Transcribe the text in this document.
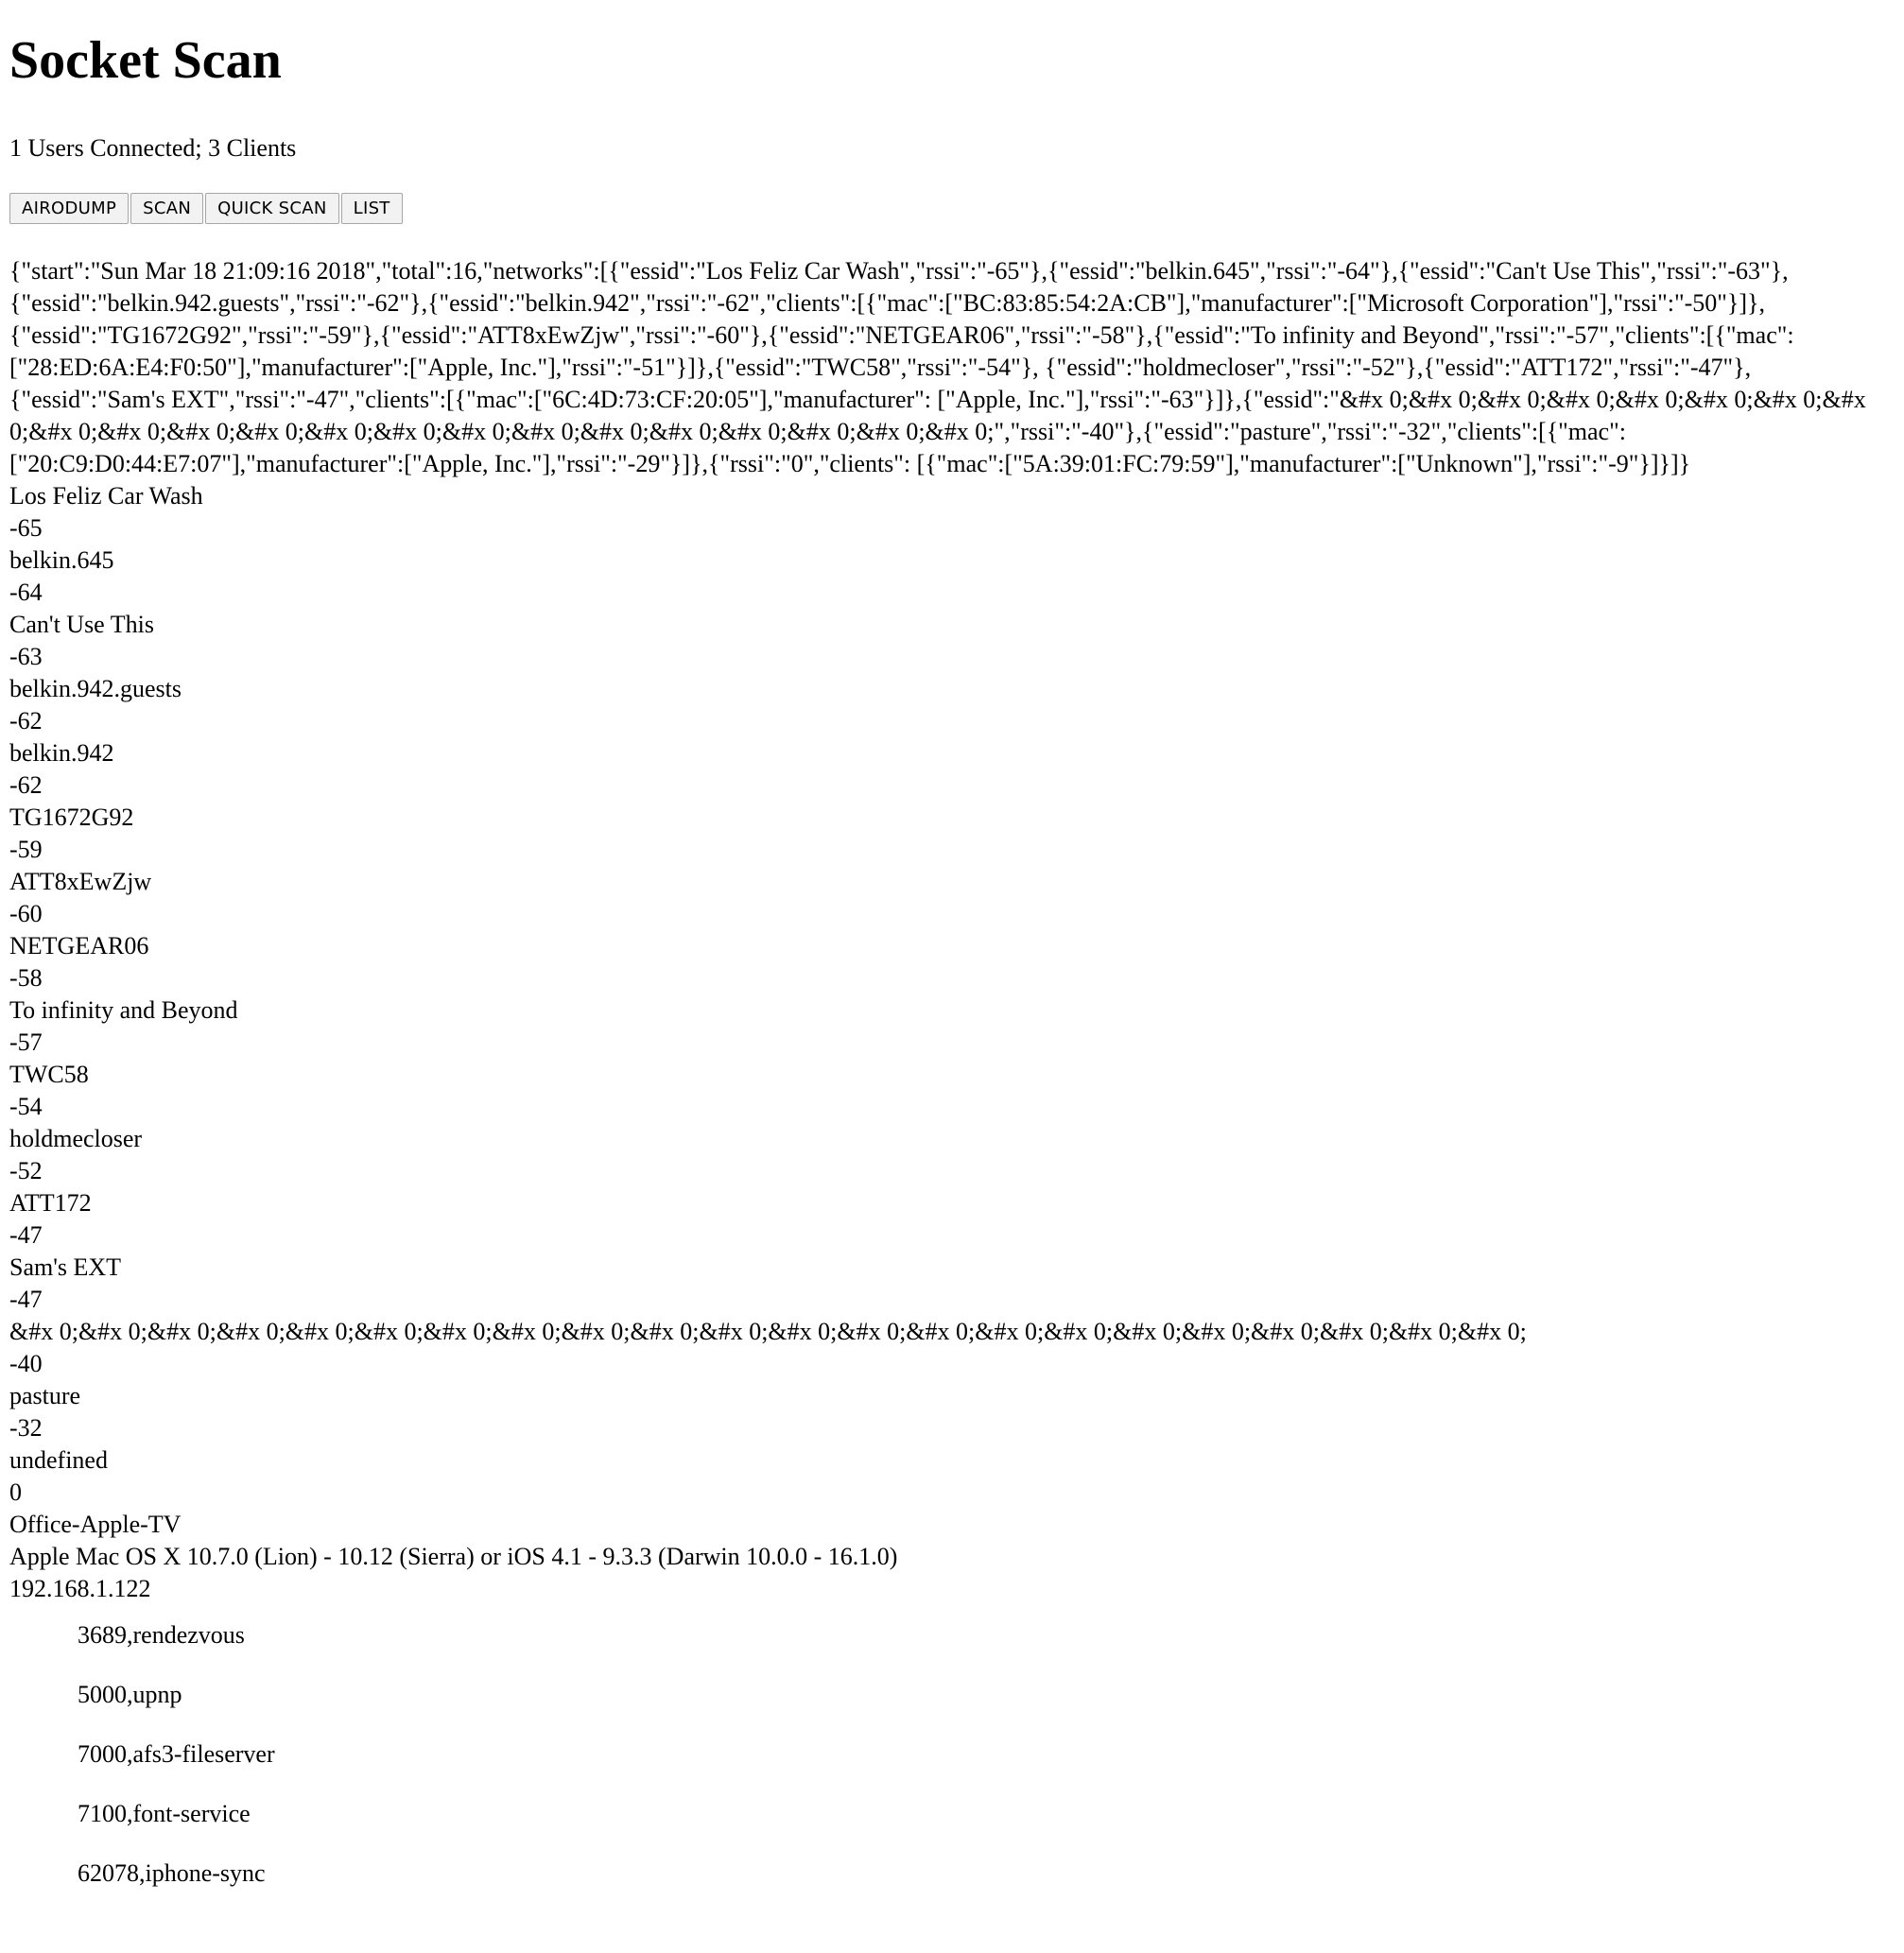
Socket Scan
1 Users Connected; 3 Clients
AIRODUMP	SCAN	QUICK SCAN	LIST
{"start":"Sun Mar 18 21:09:16 2018","total":16,"networks":[{"essid":"Los Feliz Car Wash","rssi":"-65"},{"essid":"belkin.645","rssi":"-64"},{"essid":"Can't Use This","rssi":"-63"},{"essid":"belkin.942.guests","rssi":"-62"},{"essid":"belkin.942","rssi":"-62","clients":[{"mac":["BC:83:85:54:2A:CB"],"manufacturer":["Microsoft Corporation"],"rssi":"-50"}]},{"essid":"TG1672G92","rssi":"-59"},{"essid":"ATT8xEwZjw","rssi":"-60"},{"essid":"NETGEAR06","rssi":"-58"},{"essid":"To infinity and Beyond","rssi":"-57","clients":[{"mac":["28:ED:6A:E4:F0:50"],"manufacturer":["Apple, Inc."],"rssi":"-51"}]},{"essid":"TWC58","rssi":"-54"}, {"essid":"holdmecloser","rssi":"-52"},{"essid":"ATT172","rssi":"-47"},{"essid":"Sam's EXT","rssi":"-47","clients":[{"mac":["6C:4D:73:CF:20:05"],"manufacturer": ["Apple, Inc."],"rssi":"-63"}]},{"essid":"&#x 0;&#x 0;&#x 0;&#x 0;&#x 0;&#x 0;&#x 0;&#x 0;&#x 0;&#x 0;&#x 0;&#x 0;&#x 0;&#x 0;&#x 0;&#x 0;&#x 0;&#x 0;&#x 0;&#x 0;&#x 0;&#x 0;","rssi":"-40"},{"essid":"pasture","rssi":"-32","clients":[{"mac":["20:C9:D0:44:E7:07"],"manufacturer":["Apple, Inc."],"rssi":"-29"}]},{"rssi":"0","clients": [{"mac":["5A:39:01:FC:79:59"],"manufacturer":["Unknown"],"rssi":"-9"}]}]}
Los Feliz Car Wash
-65
belkin.645
-64
Can't Use This
-63
belkin.942.guests
-62
belkin.942
-62
TG1672G92
-59
ATT8xEwZjw
-60
NETGEAR06
-58
To infinity and Beyond
-57
TWC58
-54
holdmecloser
-52
ATT172
-47
Sam's EXT
-47
&#x 0;&#x 0;&#x 0;&#x 0;&#x 0;&#x 0;&#x 0;&#x 0;&#x 0;&#x 0;&#x 0;&#x 0;&#x 0;&#x 0;&#x 0;&#x 0;&#x 0;&#x 0;&#x 0;&#x 0;&#x 0;&#x 0;
-40
pasture
-32
undefined
0
Office-Apple-TV
Apple Mac OS X 10.7.0 (Lion) - 10.12 (Sierra) or iOS 4.1 - 9.3.3 (Darwin 10.0.0 - 16.1.0)
192.168.1.122

3689,rendezvous

5000,upnp

7000,afs3-fileserver

7100,font-service

62078,iphone-sync
